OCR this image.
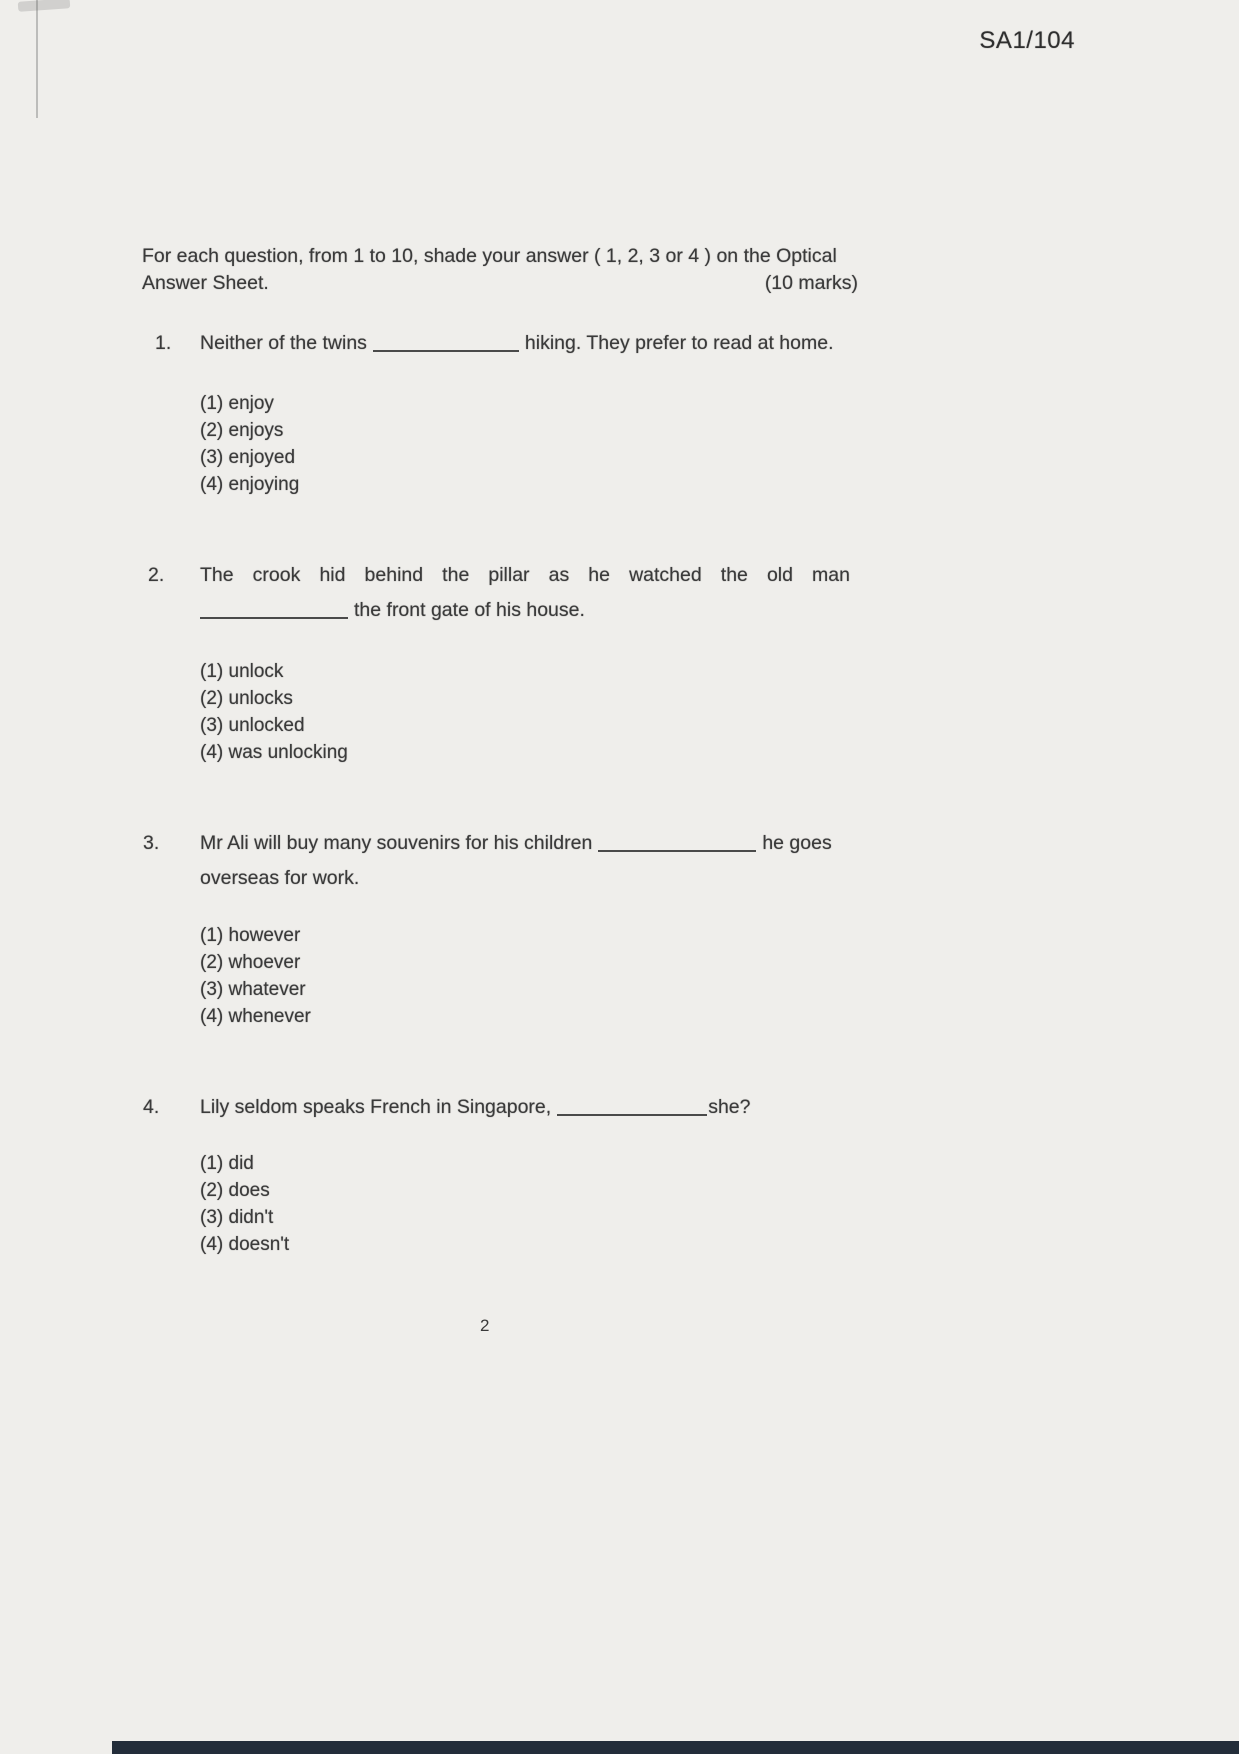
SA1/104
For each question, from 1 to 10, shade your answer ( 1, 2, 3 or 4 ) on the Optical
Answer Sheet.	(10 marks)
1. Neither of the twins	hiking. They prefer to read at home.
(1) enjoy
(2) enjoys
(3) enjoyed
(4) enjoying
2. The crook hid behind the pillar as he watched the old man
the front gate of his house.
(1) unlock
(2) unlocks
(3) unlocked
(4) was unlocking
3. Mr Ali will buy many souvenirs for his children	he goes
overseas for work.
(1) however
(2) whoever
(3) whatever
(4) whenever
4. Lily seldom speaks French in Singapore,	she?
(1) did
(2) does
(3) didn't
(4) doesn't
2
